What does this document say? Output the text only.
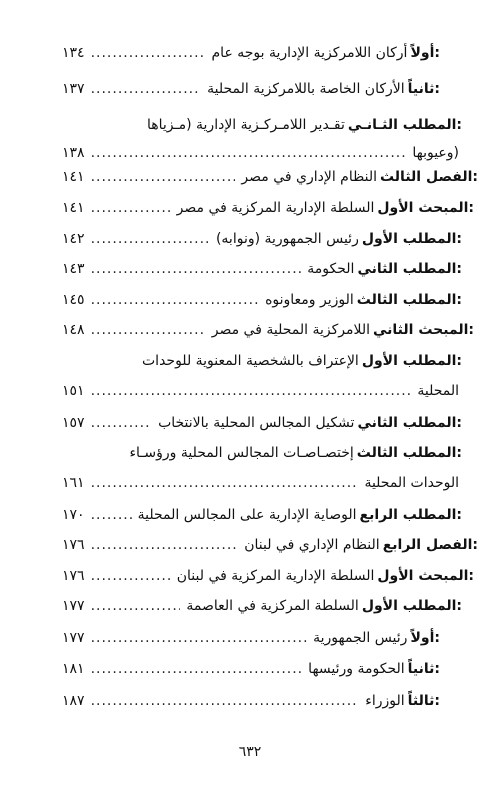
أولاً:
أركان اللامركزية الإدارية بوجه عام
.....
١٣٤
ثانياً:
الأركان الخاصة باللامركزية المحلية
.....
١٣٧
المطلب الثـانـي:
تقـدير اللامـركـزية الإدارية (مـزياها
وعيوبها)
.....
١٣٨
الفصل الثالث:
النظام الإداري في مصر
.....
١٤١
المبحث الأول:
السلطة الإدارية المركزية في مصر
.....
١٤١
المطلب الأول:
رئيس الجمهورية (ونوابه)
.....
١٤٢
المطلب الثاني:
الحكومة
.....
١٤٣
المطلب الثالث:
الوزير ومعاونوه
.....
١٤٥
المبحث الثاني:
اللامركزية المحلية في مصر
.....
١٤٨
المطلب الأول:
الإعتراف بالشخصية المعنوية للوحدات
المحلية
.....
١٥١
المطلب الثاني:
تشكيل المجالس المحلية بالانتخاب
.....
١٥٧
المطلب الثالث:
إختصـاصـات المجالس المحلية ورؤسـاء
الوحدات المحلية
.....
١٦١
المطلب الرابع:
الوصاية الإدارية على المجالس المحلية
.....
١٧٠
الفصل الرابع:
النظام الإداري في لبنان
.....
١٧٦
المبحث الأول:
السلطة الإدارية المركزية في لبنان
.....
١٧٦
المطلب الأول:
السلطة المركزية في العاصمة
.....
١٧٧
أولاً:
رئيس الجمهورية
.....
١٧٧
ثانياً:
الحكومة ورئيسها
.....
١٨١
ثالثاً:
الوزراء
.....
١٨٧
٦٣٢
